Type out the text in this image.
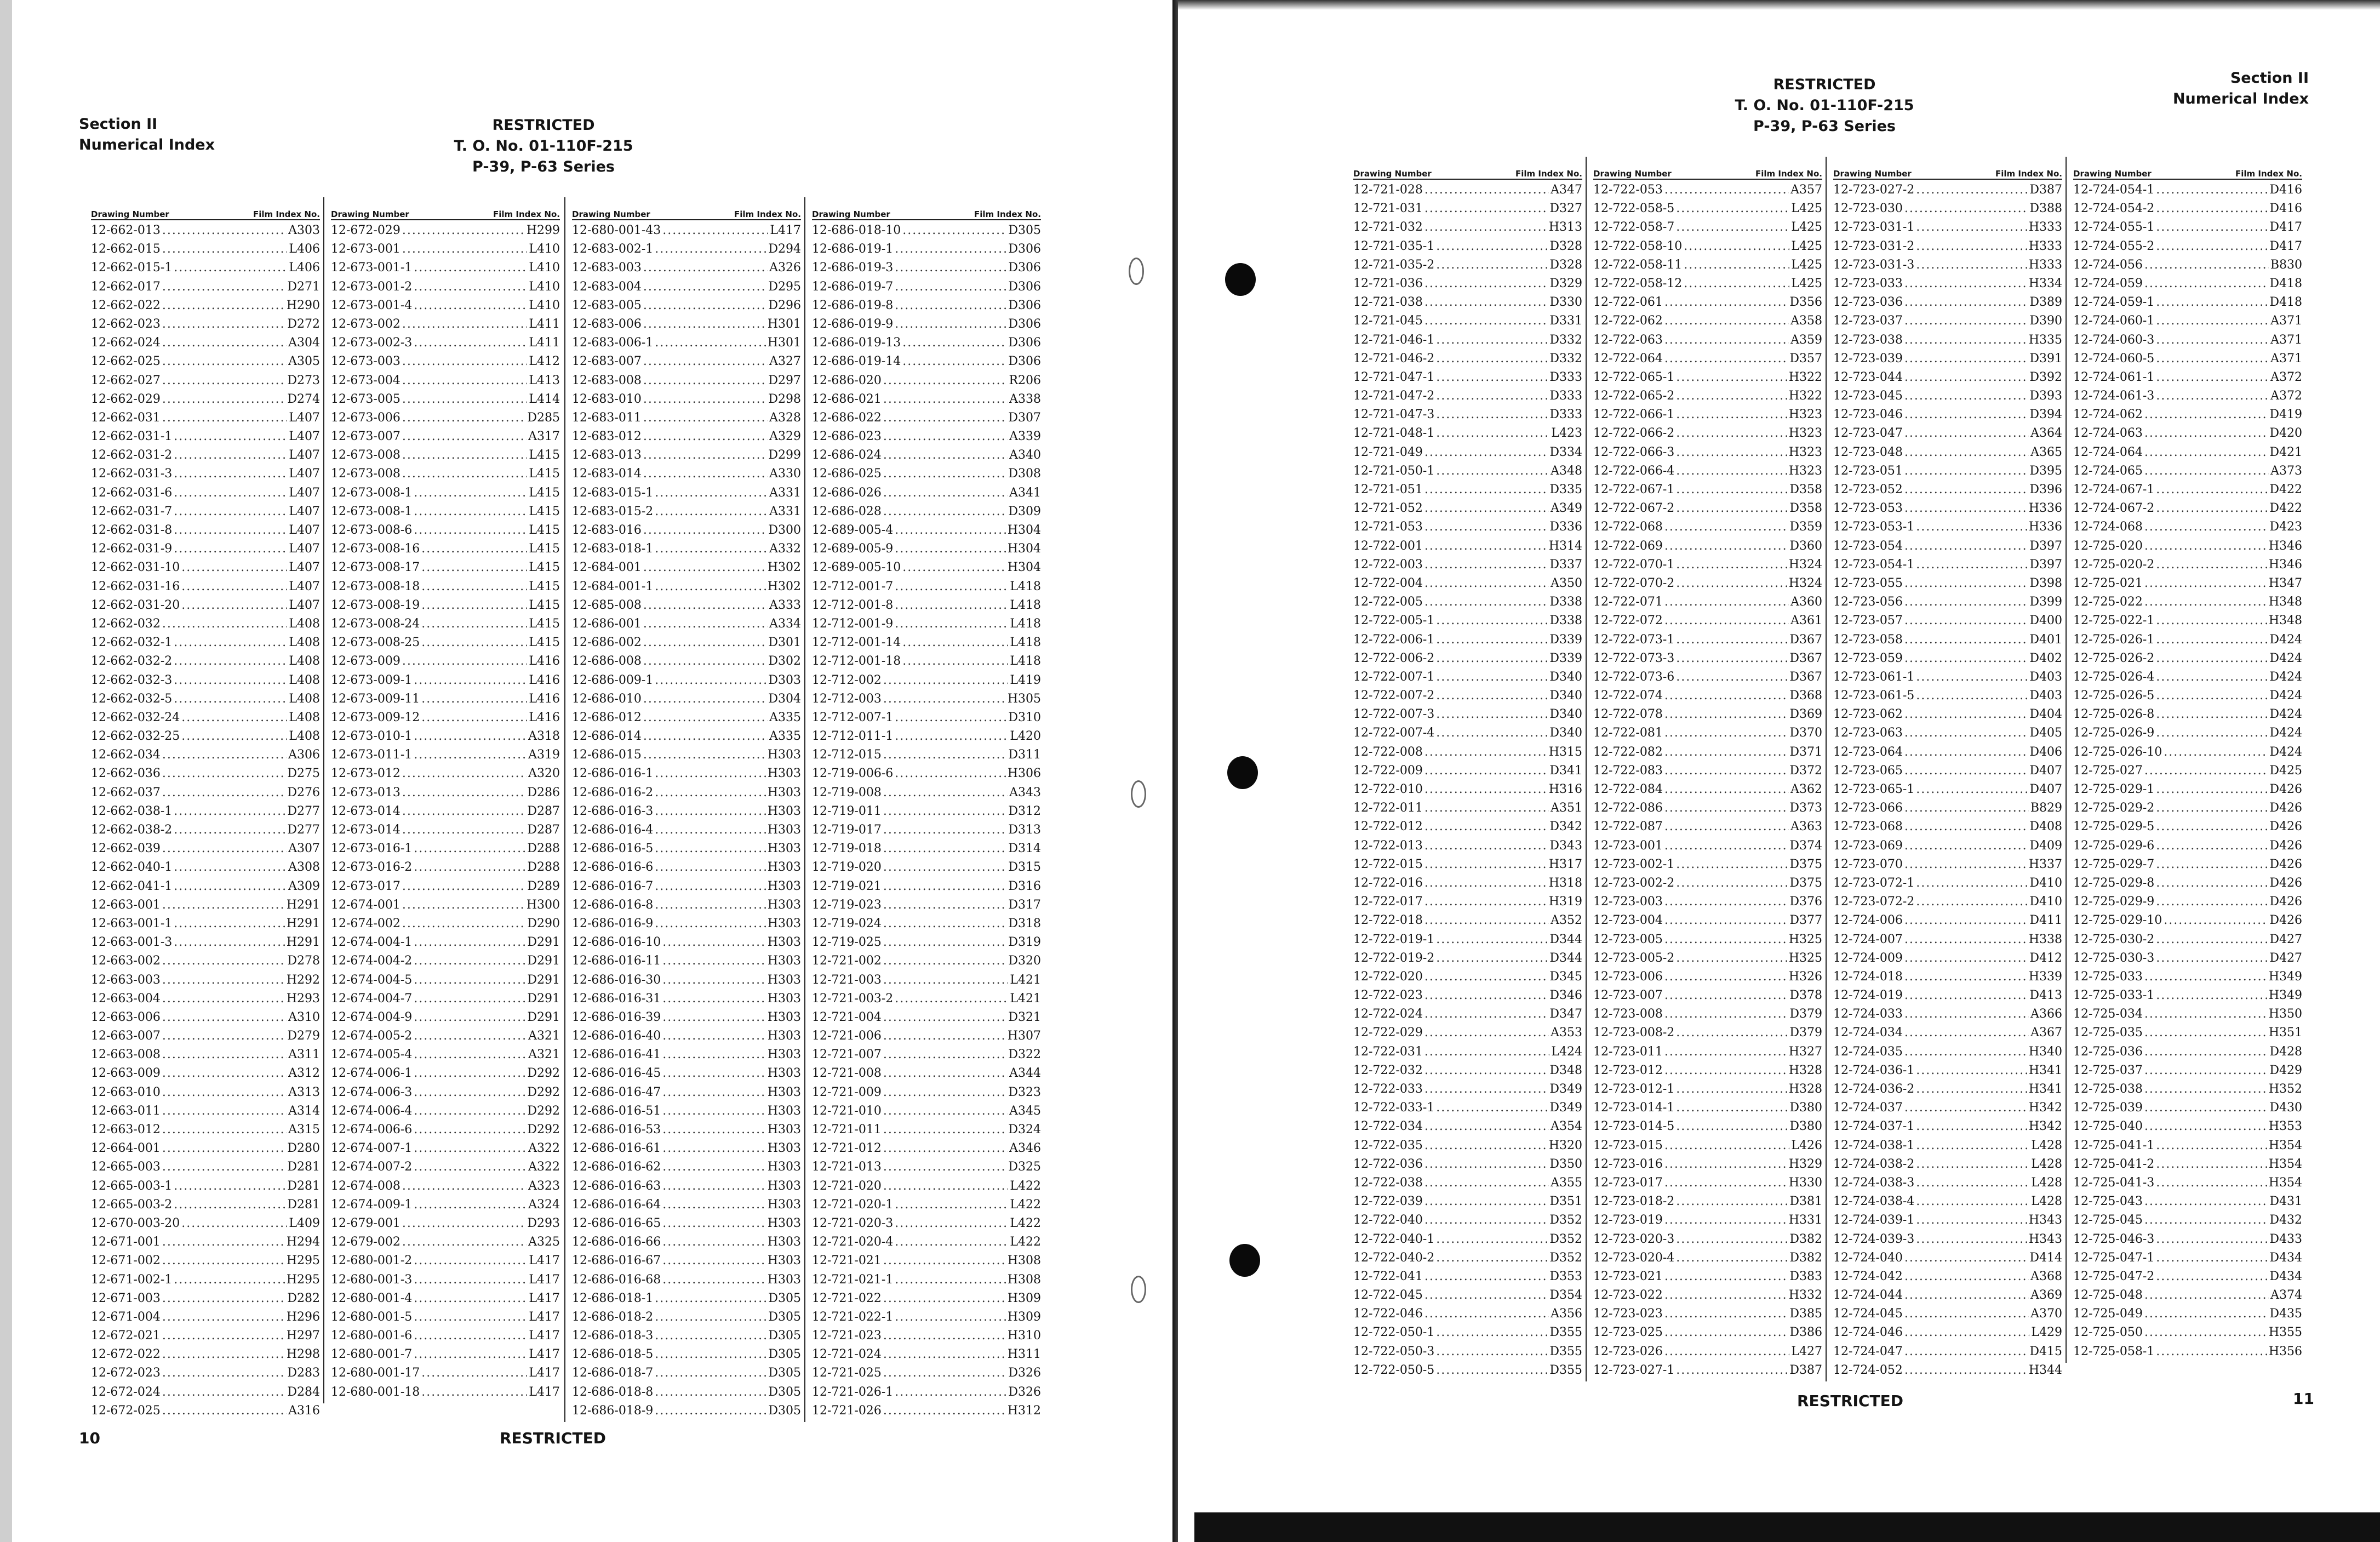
Section II
Numerical Index
RESTRICTED
T. O. No. 01-110F-215
P-39, P-63 Series
Drawing Number	Film Index No.
12-662-013 .....	A303
12-662-015 .....	L406
12-662-015-1 .....	L406
12-662-017 .....	D271
12-662-022 .....	H290
12-662-023 .....	D272
12-662-024 .....	A304
12-662-025 .....	A305
12-662-027 .....	D273
12-662-029 .....	D274
12-662-031 .....	L407
12-662-031-1 .....	L407
12-662-031-2 .....	L407
12-662-031-3 .....	L407
12-662-031-6 .....	L407
12-662-031-7 .....	L407
12-662-031-8 .....	L407
12-662-031-9 .....	L407
12-662-031-10 .....	L407
12-662-031-16 .....	L407
12-662-031-20 .....	L407
12-662-032 .....	L408
12-662-032-1 .....	L408
12-662-032-2 .....	L408
12-662-032-3 .....	L408
12-662-032-5 .....	L408
12-662-032-24 .....	L408
12-662-032-25 .....	L408
12-662-034 .....	A306
12-662-036 .....	D275
12-662-037 .....	D276
12-662-038-1 .....	D277
12-662-038-2 .....	D277
12-662-039 .....	A307
12-662-040-1 .....	A308
12-662-041-1 .....	A309
12-663-001 .....	H291
12-663-001-1 .....	H291
12-663-001-3 .....	H291
12-663-002 .....	D278
12-663-003 .....	H292
12-663-004 .....	H293
12-663-006 .....	A310
12-663-007 .....	D279
12-663-008 .....	A311
12-663-009 .....	A312
12-663-010 .....	A313
12-663-011 .....	A314
12-663-012 .....	A315
12-664-001 .....	D280
12-665-003 .....	D281
12-665-003-1 .....	D281
12-665-003-2 .....	D281
12-670-003-20 .....	L409
12-671-001 .....	H294
12-671-002 .....	H295
12-671-002-1 .....	H295
12-671-003 .....	D282
12-671-004 .....	H296
12-672-021 .....	H297
12-672-022 .....	H298
12-672-023 .....	D283
12-672-024 .....	D284
12-672-025 .....	A316
Drawing Number	Film Index No.
12-672-029 .....	H299
12-673-001 .....	L410
12-673-001-1 .....	L410
12-673-001-2 .....	L410
12-673-001-4 .....	L410
12-673-002 .....	L411
12-673-002-3 .....	L411
12-673-003 .....	L412
12-673-004 .....	L413
12-673-005 .....	L414
12-673-006 .....	D285
12-673-007 .....	A317
12-673-008 .....	L415
12-673-008 .....	L415
12-673-008-1 .....	L415
12-673-008-1 .....	L415
12-673-008-6 .....	L415
12-673-008-16 .....	L415
12-673-008-17 .....	L415
12-673-008-18 .....	L415
12-673-008-19 .....	L415
12-673-008-24 .....	L415
12-673-008-25 .....	L415
12-673-009 .....	L416
12-673-009-1 .....	L416
12-673-009-11 .....	L416
12-673-009-12 .....	L416
12-673-010-1 .....	A318
12-673-011-1 .....	A319
12-673-012 .....	A320
12-673-013 .....	D286
12-673-014 .....	D287
12-673-014 .....	D287
12-673-016-1 .....	D288
12-673-016-2 .....	D288
12-673-017 .....	D289
12-674-001 .....	H300
12-674-002 .....	D290
12-674-004-1 .....	D291
12-674-004-2 .....	D291
12-674-004-5 .....	D291
12-674-004-7 .....	D291
12-674-004-9 .....	D291
12-674-005-2 .....	A321
12-674-005-4 .....	A321
12-674-006-1 .....	D292
12-674-006-3 .....	D292
12-674-006-4 .....	D292
12-674-006-6 .....	D292
12-674-007-1 .....	A322
12-674-007-2 .....	A322
12-674-008 .....	A323
12-674-009-1 .....	A324
12-679-001 .....	D293
12-679-002 .....	A325
12-680-001-2 .....	L417
12-680-001-3 .....	L417
12-680-001-4 .....	L417
12-680-001-5 .....	L417
12-680-001-6 .....	L417
12-680-001-7 .....	L417
12-680-001-17 .....	L417
12-680-001-18 .....	L417
Drawing Number	Film Index No.
12-680-001-43 .....	L417
12-683-002-1 .....	D294
12-683-003 .....	A326
12-683-004 .....	D295
12-683-005 .....	D296
12-683-006 .....	H301
12-683-006-1 .....	H301
12-683-007 .....	A327
12-683-008 .....	D297
12-683-010 .....	D298
12-683-011 .....	A328
12-683-012 .....	A329
12-683-013 .....	D299
12-683-014 .....	A330
12-683-015-1 .....	A331
12-683-015-2 .....	A331
12-683-016 .....	D300
12-683-018-1 .....	A332
12-684-001 .....	H302
12-684-001-1 .....	H302
12-685-008 .....	A333
12-686-001 .....	A334
12-686-002 .....	D301
12-686-008 .....	D302
12-686-009-1 .....	D303
12-686-010 .....	D304
12-686-012 .....	A335
12-686-014 .....	A335
12-686-015 .....	H303
12-686-016-1 .....	H303
12-686-016-2 .....	H303
12-686-016-3 .....	H303
12-686-016-4 .....	H303
12-686-016-5 .....	H303
12-686-016-6 .....	H303
12-686-016-7 .....	H303
12-686-016-8 .....	H303
12-686-016-9 .....	H303
12-686-016-10 .....	H303
12-686-016-11 .....	H303
12-686-016-30 .....	H303
12-686-016-31 .....	H303
12-686-016-39 .....	H303
12-686-016-40 .....	H303
12-686-016-41 .....	H303
12-686-016-45 .....	H303
12-686-016-47 .....	H303
12-686-016-51 .....	H303
12-686-016-53 .....	H303
12-686-016-61 .....	H303
12-686-016-62 .....	H303
12-686-016-63 .....	H303
12-686-016-64 .....	H303
12-686-016-65 .....	H303
12-686-016-66 .....	H303
12-686-016-67 .....	H303
12-686-016-68 .....	H303
12-686-018-1 .....	D305
12-686-018-2 .....	D305
12-686-018-3 .....	D305
12-686-018-5 .....	D305
12-686-018-7 .....	D305
12-686-018-8 .....	D305
12-686-018-9 .....	D305
Drawing Number	Film Index No.
12-686-018-10 .....	D305
12-686-019-1 .....	D306
12-686-019-3 .....	D306
12-686-019-7 .....	D306
12-686-019-8 .....	D306
12-686-019-9 .....	D306
12-686-019-13 .....	D306
12-686-019-14 .....	D306
12-686-020 .....	R206
12-686-021 .....	A338
12-686-022 .....	D307
12-686-023 .....	A339
12-686-024 .....	A340
12-686-025 .....	D308
12-686-026 .....	A341
12-686-028 .....	D309
12-689-005-4 .....	H304
12-689-005-9 .....	H304
12-689-005-10 .....	H304
12-712-001-7 .....	L418
12-712-001-8 .....	L418
12-712-001-9 .....	L418
12-712-001-14 .....	L418
12-712-001-18 .....	L418
12-712-002 .....	L419
12-712-003 .....	H305
12-712-007-1 .....	D310
12-712-011-1 .....	L420
12-712-015 .....	D311
12-719-006-6 .....	H306
12-719-008 .....	A343
12-719-011 .....	D312
12-719-017 .....	D313
12-719-018 .....	D314
12-719-020 .....	D315
12-719-021 .....	D316
12-719-023 .....	D317
12-719-024 .....	D318
12-719-025 .....	D319
12-721-002 .....	D320
12-721-003 .....	L421
12-721-003-2 .....	L421
12-721-004 .....	D321
12-721-006 .....	H307
12-721-007 .....	D322
12-721-008 .....	A344
12-721-009 .....	D323
12-721-010 .....	A345
12-721-011 .....	D324
12-721-012 .....	A346
12-721-013 .....	D325
12-721-020 .....	L422
12-721-020-1 .....	L422
12-721-020-3 .....	L422
12-721-020-4 .....	L422
12-721-021 .....	H308
12-721-021-1 .....	H308
12-721-022 .....	H309
12-721-022-1 .....	H309
12-721-023 .....	H310
12-721-024 .....	H311
12-721-025 .....	D326
12-721-026-1 .....	D326
12-721-026 .....	H312
10	RESTRICTED
RESTRICTED
T. O. No. 01-110F-215
P-39, P-63 Series
Section II
Numerical Index
Drawing Number	Film Index No.
12-721-028 .....	A347
12-721-031 .....	D327
12-721-032 .....	H313
12-721-035-1 .....	D328
12-721-035-2 .....	D328
12-721-036 .....	D329
12-721-038 .....	D330
12-721-045 .....	D331
12-721-046-1 .....	D332
12-721-046-2 .....	D332
12-721-047-1 .....	D333
12-721-047-2 .....	D333
12-721-047-3 .....	D333
12-721-048-1 .....	L423
12-721-049 .....	D334
12-721-050-1 .....	A348
12-721-051 .....	D335
12-721-052 .....	A349
12-721-053 .....	D336
12-722-001 .....	H314
12-722-003 .....	D337
12-722-004 .....	A350
12-722-005 .....	D338
12-722-005-1 .....	D338
12-722-006-1 .....	D339
12-722-006-2 .....	D339
12-722-007-1 .....	D340
12-722-007-2 .....	D340
12-722-007-3 .....	D340
12-722-007-4 .....	D340
12-722-008 .....	H315
12-722-009 .....	D341
12-722-010 .....	H316
12-722-011 .....	A351
12-722-012 .....	D342
12-722-013 .....	D343
12-722-015 .....	H317
12-722-016 .....	H318
12-722-017 .....	H319
12-722-018 .....	A352
12-722-019-1 .....	D344
12-722-019-2 .....	D344
12-722-020 .....	D345
12-722-023 .....	D346
12-722-024 .....	D347
12-722-029 .....	A353
12-722-031 .....	L424
12-722-032 .....	D348
12-722-033 .....	D349
12-722-033-1 .....	D349
12-722-034 .....	A354
12-722-035 .....	H320
12-722-036 .....	D350
12-722-038 .....	A355
12-722-039 .....	D351
12-722-040 .....	D352
12-722-040-1 .....	D352
12-722-040-2 .....	D352
12-722-041 .....	D353
12-722-045 .....	D354
12-722-046 .....	A356
12-722-050-1 .....	D355
12-722-050-3 .....	D355
12-722-050-5 .....	D355
Drawing Number	Film Index No.
12-722-053 .....	A357
12-722-058-5 .....	L425
12-722-058-7 .....	L425
12-722-058-10 .....	L425
12-722-058-11 .....	L425
12-722-058-12 .....	L425
12-722-061 .....	D356
12-722-062 .....	A358
12-722-063 .....	A359
12-722-064 .....	D357
12-722-065-1 .....	H322
12-722-065-2 .....	H322
12-722-066-1 .....	H323
12-722-066-2 .....	H323
12-722-066-3 .....	H323
12-722-066-4 .....	H323
12-722-067-1 .....	D358
12-722-067-2 .....	D358
12-722-068 .....	D359
12-722-069 .....	D360
12-722-070-1 .....	H324
12-722-070-2 .....	H324
12-722-071 .....	A360
12-722-072 .....	A361
12-722-073-1 .....	D367
12-722-073-3 .....	D367
12-722-073-6 .....	D367
12-722-074 .....	D368
12-722-078 .....	D369
12-722-081 .....	D370
12-722-082 .....	D371
12-722-083 .....	D372
12-722-084 .....	A362
12-722-086 .....	D373
12-722-087 .....	A363
12-723-001 .....	D374
12-723-002-1 .....	D375
12-723-002-2 .....	D375
12-723-003 .....	D376
12-723-004 .....	D377
12-723-005 .....	H325
12-723-005-2 .....	H325
12-723-006 .....	H326
12-723-007 .....	D378
12-723-008 .....	D379
12-723-008-2 .....	D379
12-723-011 .....	H327
12-723-012 .....	H328
12-723-012-1 .....	H328
12-723-014-1 .....	D380
12-723-014-5 .....	D380
12-723-015 .....	L426
12-723-016 .....	H329
12-723-017 .....	H330
12-723-018-2 .....	D381
12-723-019 .....	H331
12-723-020-3 .....	D382
12-723-020-4 .....	D382
12-723-021 .....	D383
12-723-022 .....	H332
12-723-023 .....	D385
12-723-025 .....	D386
12-723-026 .....	L427
12-723-027-1 .....	D387
Drawing Number	Film Index No.
12-723-027-2 .....	D387
12-723-030 .....	D388
12-723-031-1 .....	H333
12-723-031-2 .....	H333
12-723-031-3 .....	H333
12-723-033 .....	H334
12-723-036 .....	D389
12-723-037 .....	D390
12-723-038 .....	H335
12-723-039 .....	D391
12-723-044 .....	D392
12-723-045 .....	D393
12-723-046 .....	D394
12-723-047 .....	A364
12-723-048 .....	A365
12-723-051 .....	D395
12-723-052 .....	D396
12-723-053 .....	H336
12-723-053-1 .....	H336
12-723-054 .....	D397
12-723-054-1 .....	D397
12-723-055 .....	D398
12-723-056 .....	D399
12-723-057 .....	D400
12-723-058 .....	D401
12-723-059 .....	D402
12-723-061-1 .....	D403
12-723-061-5 .....	D403
12-723-062 .....	D404
12-723-063 .....	D405
12-723-064 .....	D406
12-723-065 .....	D407
12-723-065-1 .....	D407
12-723-066 .....	B829
12-723-068 .....	D408
12-723-069 .....	D409
12-723-070 .....	H337
12-723-072-1 .....	D410
12-723-072-2 .....	D410
12-724-006 .....	D411
12-724-007 .....	H338
12-724-009 .....	D412
12-724-018 .....	H339
12-724-019 .....	D413
12-724-033 .....	A366
12-724-034 .....	A367
12-724-035 .....	H340
12-724-036-1 .....	H341
12-724-036-2 .....	H341
12-724-037 .....	H342
12-724-037-1 .....	H342
12-724-038-1 .....	L428
12-724-038-2 .....	L428
12-724-038-3 .....	L428
12-724-038-4 .....	L428
12-724-039-1 .....	H343
12-724-039-3 .....	H343
12-724-040 .....	D414
12-724-042 .....	A368
12-724-044 .....	A369
12-724-045 .....	A370
12-724-046 .....	L429
12-724-047 .....	D415
12-724-052 .....	H344
Drawing Number	Film Index No.
12-724-054-1 .....	D416
12-724-054-2 .....	D416
12-724-055-1 .....	D417
12-724-055-2 .....	D417
12-724-056 .....	B830
12-724-059 .....	D418
12-724-059-1 .....	D418
12-724-060-1 .....	A371
12-724-060-3 .....	A371
12-724-060-5 .....	A371
12-724-061-1 .....	A372
12-724-061-3 .....	A372
12-724-062 .....	D419
12-724-063 .....	D420
12-724-064 .....	D421
12-724-065 .....	A373
12-724-067-1 .....	D422
12-724-067-2 .....	D422
12-724-068 .....	D423
12-725-020 .....	H346
12-725-020-2 .....	H346
12-725-021 .....	H347
12-725-022 .....	H348
12-725-022-1 .....	H348
12-725-026-1 .....	D424
12-725-026-2 .....	D424
12-725-026-4 .....	D424
12-725-026-5 .....	D424
12-725-026-8 .....	D424
12-725-026-9 .....	D424
12-725-026-10 .....	D424
12-725-027 .....	D425
12-725-029-1 .....	D426
12-725-029-2 .....	D426
12-725-029-5 .....	D426
12-725-029-6 .....	D426
12-725-029-7 .....	D426
12-725-029-8 .....	D426
12-725-029-9 .....	D426
12-725-029-10 .....	D426
12-725-030-2 .....	D427
12-725-030-3 .....	D427
12-725-033 .....	H349
12-725-033-1 .....	H349
12-725-034 .....	H350
12-725-035 .....	H351
12-725-036 .....	D428
12-725-037 .....	D429
12-725-038 .....	H352
12-725-039 .....	D430
12-725-040 .....	H353
12-725-041-1 .....	H354
12-725-041-2 .....	H354
12-725-041-3 .....	H354
12-725-043 .....	D431
12-725-045 .....	D432
12-725-046-3 .....	D433
12-725-047-1 .....	D434
12-725-047-2 .....	D434
12-725-048 .....	A374
12-725-049 .....	D435
12-725-050 .....	H355
12-725-058-1 .....	H356
RESTRICTED	11
